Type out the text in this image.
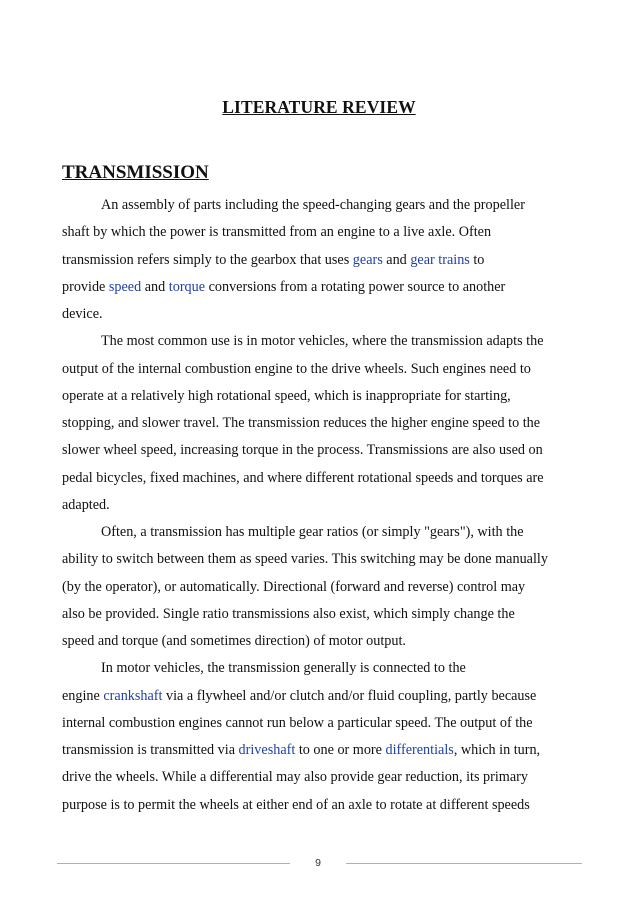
LITERATURE REVIEW
TRANSMISSION
An assembly of parts including the speed-changing gears and the propeller
shaft by which the power is transmitted from an engine to a live axle. Often
transmission refers simply to the gearbox that uses gears and gear trains to
provide speed and torque conversions from a rotating power source to another
device.
The most common use is in motor vehicles, where the transmission adapts the
output of the internal combustion engine to the drive wheels. Such engines need to
operate at a relatively high rotational speed, which is inappropriate for starting,
stopping, and slower travel. The transmission reduces the higher engine speed to the
slower wheel speed, increasing torque in the process. Transmissions are also used on
pedal bicycles, fixed machines, and where different rotational speeds and torques are
adapted.
Often, a transmission has multiple gear ratios (or simply "gears"), with the
ability to switch between them as speed varies. This switching may be done manually
(by the operator), or automatically. Directional (forward and reverse) control may
also be provided. Single ratio transmissions also exist, which simply change the
speed and torque (and sometimes direction) of motor output.
In motor vehicles, the transmission generally is connected to the
engine crankshaft via a flywheel and/or clutch and/or fluid coupling, partly because
internal combustion engines cannot run below a particular speed. The output of the
transmission is transmitted via driveshaft to one or more differentials, which in turn,
drive the wheels. While a differential may also provide gear reduction, its primary
purpose is to permit the wheels at either end of an axle to rotate at different speeds
9
